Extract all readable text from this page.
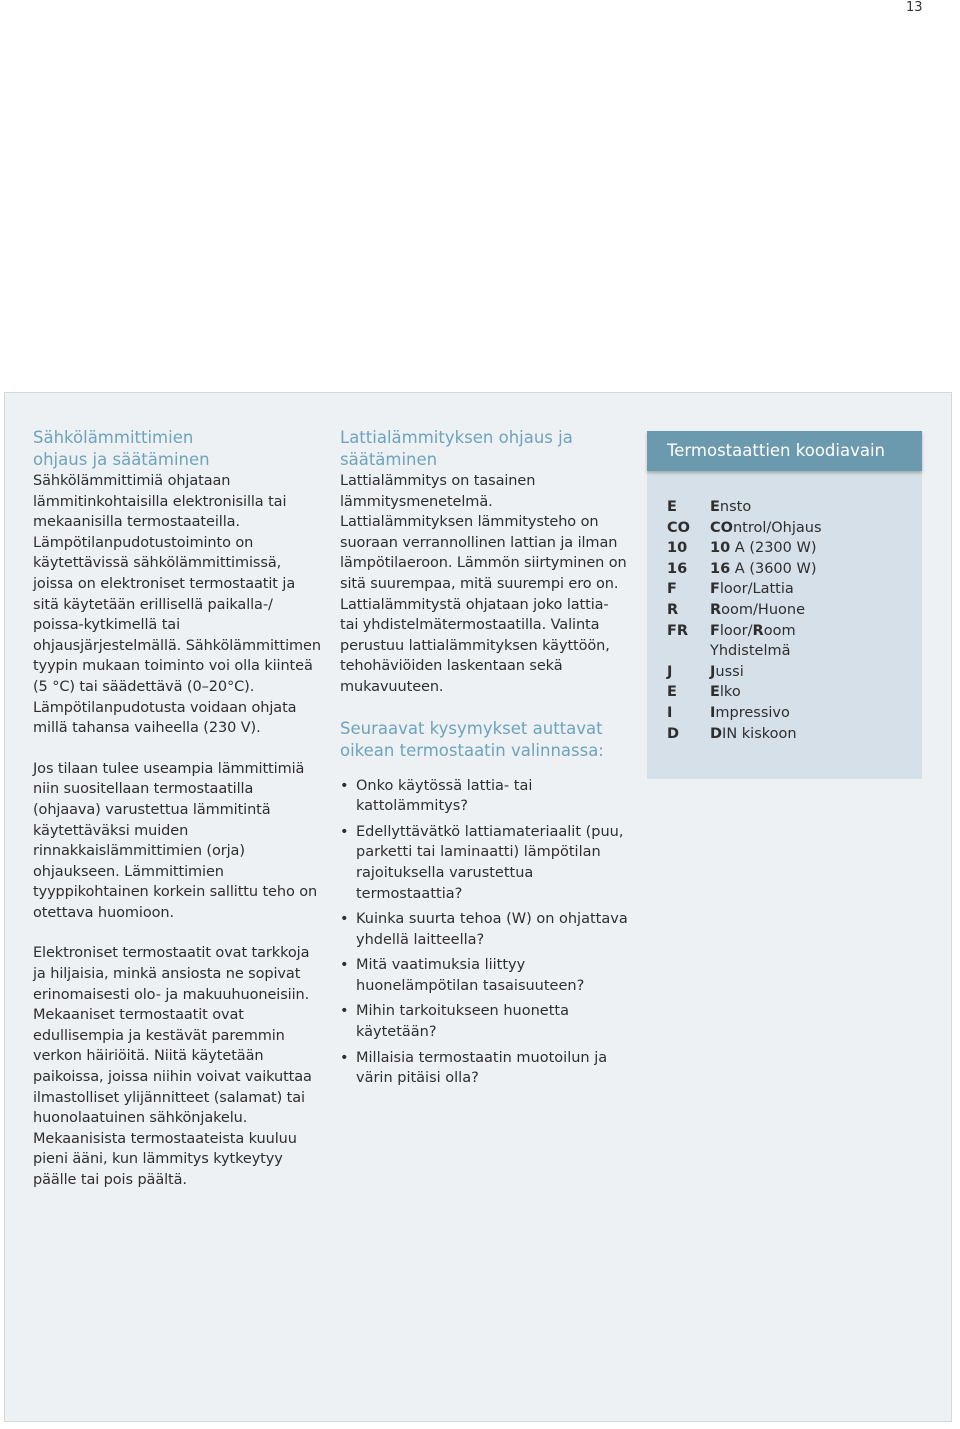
13
Sähkölämmittimien
ohjaus ja säätäminen

Sähkölämmittimiä ohjataan lämmitinkohtaisilla elektronisilla tai mekaanisilla termostaateilla. Lämpötilanpudotustoiminto on käytettävissä sähkölämmittimissä, joissa on elektroniset termostaatit ja sitä käytetään erillisellä paikalla-/ poissa-kytkimellä tai ohjausjärjestelmällä. Sähkölämmittimen tyypin mukaan toiminto voi olla kiinteä (5 °C) tai säädettävä (0–20°C). Lämpötilanpudotusta voidaan ohjata millä tahansa vaiheella (230 V).

Jos tilaan tulee useampia lämmittimiä niin suositellaan termostaatilla (ohjaava) varustettua lämmitintä käytettäväksi muiden rinnakkaislämmittimien (orja) ohjaukseen. Lämmittimien tyyppikohtainen korkein sallittu teho on otettava huomioon.

Elektroniset termostaatit ovat tarkkoja ja hiljaisia, minkä ansiosta ne sopivat erinomaisesti olo- ja makuuhuoneisiin. Mekaaniset termostaatit ovat edullisempia ja kestävät paremmin verkon häiriöitä. Niitä käytetään paikoissa, joissa niihin voivat vaikuttaa ilmastolliset ylijännitteet (salamat) tai huonolaatuinen sähkönjakelu. Mekaanisista termostaateista kuuluu pieni ääni, kun lämmitys kytkeytyy päälle tai pois päältä.

Lattialämmityksen ohjaus ja
säätäminen

Lattialämmitys on tasainen lämmitysmenetelmä. Lattialämmityksen lämmitysteho on suoraan verrannollinen lattian ja ilman lämpötilaeroon. Lämmön siirtyminen on sitä suurempaa, mitä suurempi ero on. Lattialämmitystä ohjataan joko lattia- tai yhdistelmätermostaatilla. Valinta perustuu lattialämmityksen käyttöön, tehohäviöiden laskentaan sekä mukavuuteen.

Seuraavat kysymykset auttavat
oikean termostaatin valinnassa:
• Onko käytössä lattia- tai kattolämmitys?
• Edellyttävätkö lattiamateriaalit (puu, parketti tai laminaatti) lämpötilan rajoituksella varustettua termostaattia?
• Kuinka suurta tehoa (W) on ohjattava yhdellä laitteella?
• Mitä vaatimuksia liittyy huonelämpötilan tasaisuuteen?
• Mihin tarkoitukseen huonetta käytetään?
• Millaisia termostaatin muotoilun ja värin pitäisi olla?
Termostaattien koodiavain
E	Ensto
CO	COntrol/Ohjaus
10	10 A (2300 W)
16	16 A (3600 W)
F	Floor/Lattia
R	Room/Huone
FR	Floor/Room
Yhdistelmä
J	Jussi
E	Elko
I	Impressivo
D	DIN kiskoon
